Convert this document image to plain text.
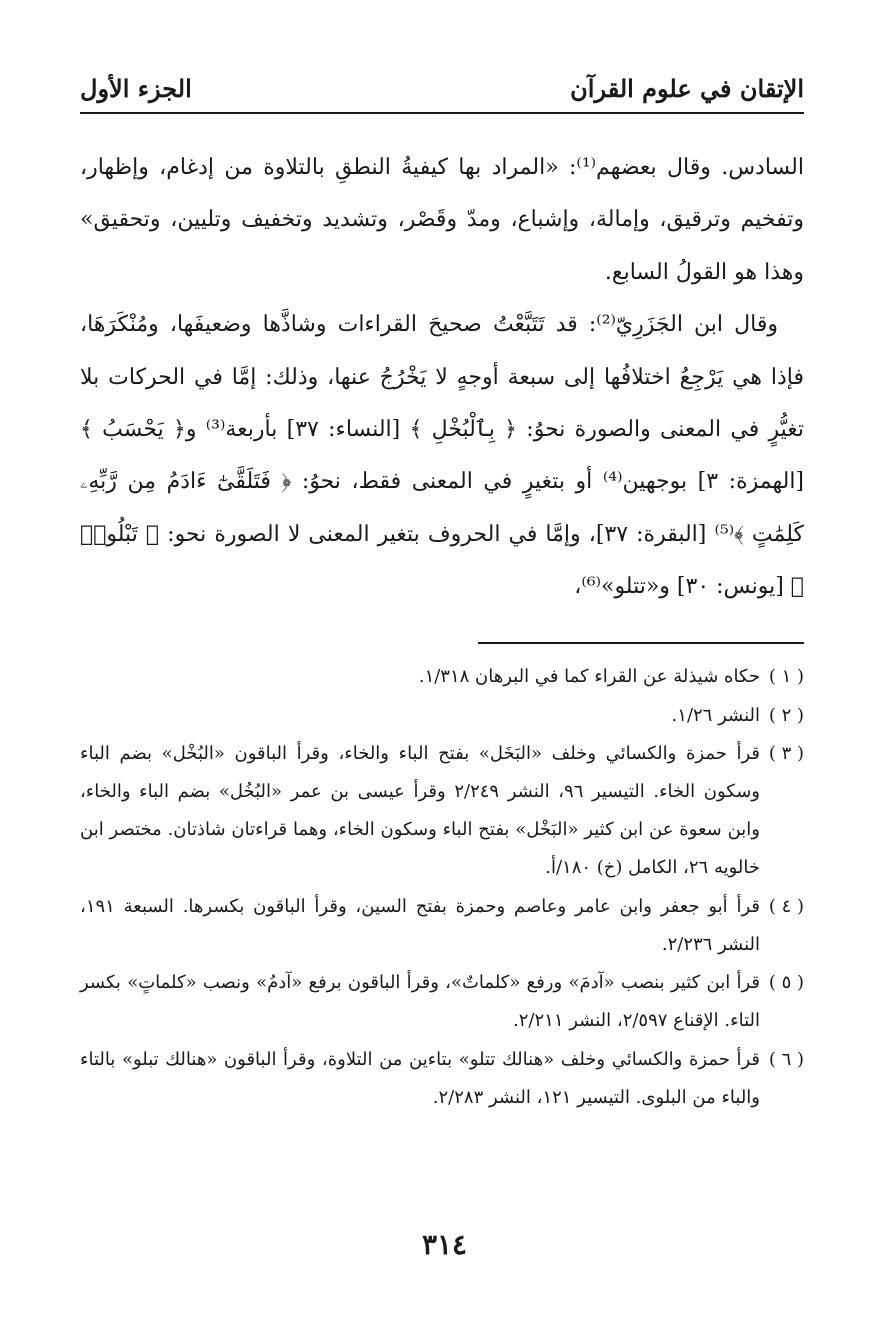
الإتقان في علوم القرآن
الجزء الأول

السادس. وقال بعضهم⁽¹⁾: «المراد بها كيفيةُ النطقِ بالتلاوة من إدغام، وإظهار، وتفخيم وترقيق، وإمالة، وإشباع، ومدّ وقَصْر، وتشديد وتخفيف وتليين، وتحقيق» وهذا هو القولُ السابع.

وقال ابن الجَزَرِيّ⁽²⁾: قد تَتَبَّعْتُ صحيحَ القراءات وشاذَّها وضعيفَها، ومُنْكَرَهَا، فإذا هي يَرْجِعُ اختلافُها إلى سبعة أوجهٍ لا يَخْرُجُ عنها، وذلك: إمَّا في الحركات بلا تغيُّرٍ في المعنى والصورة نحوُ: ﴿ بِٱلْبُخْلِ ﴾ [النساء: ٣٧] بأربعة⁽³⁾ و﴿ يَحْسَبُ ﴾ [الهمزة: ٣] بوجهين⁽⁴⁾ أو بتغيرٍ في المعنى فقط، نحوُ: ﴿ فَتَلَقَّىٰٓ ءَادَمُ مِن رَّبِّهِۦ كَلِمَٰتٍ ﴾⁽⁵⁾ [البقرة: ٣٧]، وإمَّا في الحروف بتغير المعنى لا الصورة نحو: ﴿ تَبْلُوا۟ ﴾ [يونس: ٣٠] و«تتلو»⁽⁶⁾،

( ١ )
حكاه شيذلة عن القراء كما في البرهان ١/٣١٨.
( ٢ )
النشر ١/٢٦.
( ٣ )
قرأ حمزة والكسائي وخلف «البَخَل» بفتح الباء والخاء، وقرأ الباقون «البُخْل» بضم الباء وسكون الخاء. التيسير ٩٦، النشر ٢/٢٤٩ وقرأ عيسى بن عمر «البُخُل» بضم الباء والخاء، وابن سعوة عن ابن كثير «البَخْل» بفتح الباء وسكون الخاء، وهما قراءتان شاذتان. مختصر ابن خالويه ٢٦، الكامل (خ) ١٨٠/أ.
( ٤ )
قرأ أبو جعفر وابن عامر وعاصم وحمزة بفتح السين، وقرأ الباقون بكسرها. السبعة ١٩١، النشر ٢/٢٣٦.
( ٥ )
قرأ ابن كثير بنصب «آدمَ» ورفع «كلماتٌ»، وقرأ الباقون برفع «آدمُ» ونصب «كلماتٍ» بكسر التاء. الإقناع ٢/٥٩٧، النشر ٢/٢١١.
( ٦ )
قرأ حمزة والكسائي وخلف «هنالك تتلو» بتاءين من التلاوة، وقرأ الباقون «هنالك تبلو» بالتاء والباء من البلوى. التيسير ١٢١، النشر ٢/٢٨٣.
٣١٤
